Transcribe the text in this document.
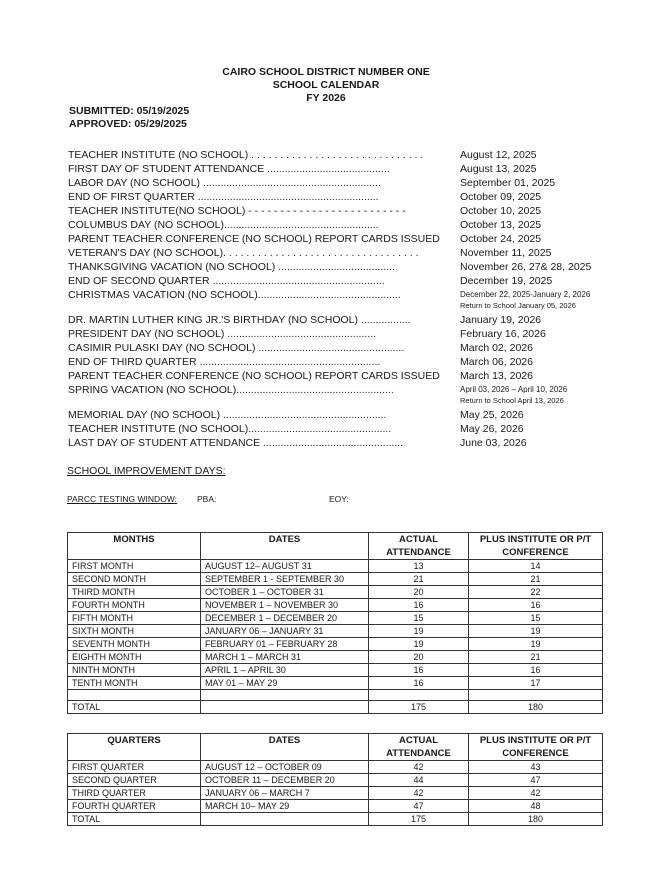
CAIRO SCHOOL DISTRICT NUMBER ONE
SCHOOL CALENDAR
FY 2026
SUBMITTED: 05/19/2025
APPROVED: 05/29/2025
TEACHER INSTITUTE (NO SCHOOL) . . . . . . . . . . . . . . . . . . . . . . . . . . . . . .	August 12, 2025
FIRST DAY OF STUDENT ATTENDANCE ..........................................	August 13, 2025
LABOR DAY (NO SCHOOL) .............................................................	September 01, 2025
END OF FIRST QUARTER ..............................................................	October 09, 2025
TEACHER INSTITUTE(NO SCHOOL) - - - - - - - - - - - - - - - - - - - - - - - - -	October 10, 2025
COLUMBUS DAY (NO SCHOOL).....................................................	October 13, 2025
PARENT TEACHER CONFERENCE (NO SCHOOL) REPORT CARDS ISSUED October 24, 2025
VETERAN'S DAY (NO SCHOOL). . . . . . . . . . . . . . . . . . . . . . . . . . . . . . . . . .	November 11, 2025
THANKSGIVING VACATION (NO SCHOOL) ........................................	November 26, 27& 28, 2025
END OF SECOND QUARTER ...........................................................	December 19, 2025
CHRISTMAS VACATION (NO SCHOOL).................................................	December 22, 2025-January 2, 2026
Return to School January 05, 2026
DR. MARTIN LUTHER KING JR.'S BIRTHDAY (NO SCHOOL) .................	January 19, 2026
PRESIDENT DAY (NO SCHOOL) ...................................................	February 16, 2026
CASIMIR PULASKI DAY (NO SCHOOL) ..................................................	March 02, 2026
END OF THIRD QUARTER ..............................................................	March 06, 2026
PARENT TEACHER CONFERENCE (NO SCHOOL) REPORT CARDS ISSUED March 13, 2026
SPRING VACATION (NO SCHOOL)......................................................	April 03, 2026 – April 10, 2026
Return to School April 13, 2026
MEMORIAL DAY (NO SCHOOL) ........................................................	May 25, 2026
TEACHER INSTITUTE (NO SCHOOL).................................................	May 26, 2026
LAST DAY OF STUDENT ATTENDANCE ................................................	June 03, 2026
SCHOOL IMPROVEMENT DAYS:
PARCC TESTING WINDOW: PBA:	EOY:
MONTHS	DATES	ACTUAL ATTENDANCE	PLUS INSTITUTE OR P/T CONFERENCE
FIRST MONTH	AUGUST 12– AUGUST 31	13	14
SECOND MONTH	SEPTEMBER 1 - SEPTEMBER 30	21	21
THIRD MONTH	OCTOBER 1 – OCTOBER 31	20	22
FOURTH MONTH	NOVEMBER 1 – NOVEMBER 30	16	16
FIFTH MONTH	DECEMBER 1 – DECEMBER 20	15	15
SIXTH MONTH	JANUARY 06 – JANUARY 31	19	19
SEVENTH MONTH	FEBRUARY 01 – FEBRUARY 28	19	19
EIGHTH MONTH	MARCH 1 – MARCH 31	20	21
NINTH MONTH	APRIL 1 – APRIL 30	16	16
TENTH MONTH	MAY 01 – MAY 29	16	17

TOTAL		175	180
QUARTERS	DATES	ACTUAL ATTENDANCE	PLUS INSTITUTE OR P/T CONFERENCE
FIRST QUARTER	AUGUST 12 – OCTOBER 09	42	43
SECOND QUARTER	OCTOBER 11 – DECEMBER 20	44	47
THIRD QUARTER	JANUARY 06 – MARCH 7	42	42
FOURTH QUARTER	MARCH 10– MAY 29	47	48
TOTAL		175	180
